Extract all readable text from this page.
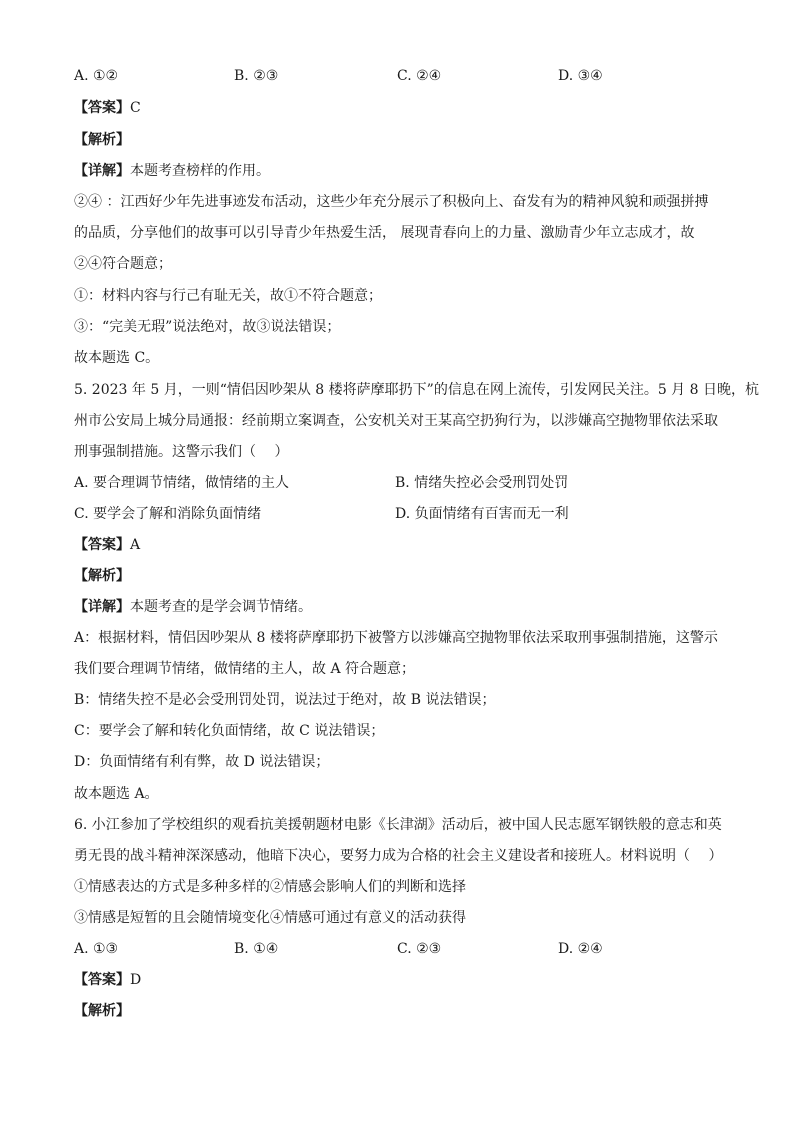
A. ①②	B. ②③	C. ②④	D. ③④
【答案】C
【解析】
【详解】本题考查榜样的作用。
②④ ：江西好少年先进事迹发布活动，这些少年充分展示了积极向上、奋发有为的精神风貌和顽强拼搏
的品质，分享他们的故事可以引导青少年热爱生活， 展现青春向上的力量、激励青少年立志成才，故
②④符合题意；
①：材料内容与行己有耻无关，故①不符合题意；
③：“完美无瑕”说法绝对，故③说法错误；
故本题选 C。
5. 2023 年 5 月，一则“情侣因吵架从 8 楼将萨摩耶扔下”的信息在网上流传，引发网民关注。5 月 8 日晚，杭
州市公安局上城分局通报：经前期立案调查，公安机关对王某高空扔狗行为，以涉嫌高空抛物罪依法采取
刑事强制措施。这警示我们（　 ）
A. 要合理调节情绪，做情绪的主人	B. 情绪失控必会受刑罚处罚
C. 要学会了解和消除负面情绪	D. 负面情绪有百害而无一利
【答案】A
【解析】
【详解】本题考查的是学会调节情绪。
A：根据材料，情侣因吵架从 8 楼将萨摩耶扔下被警方以涉嫌高空抛物罪依法采取刑事强制措施，这警示
我们要合理调节情绪，做情绪的主人，故 A 符合题意；
B：情绪失控不是必会受刑罚处罚，说法过于绝对，故 B 说法错误；
C：要学会了解和转化负面情绪，故 C 说法错误；
D：负面情绪有利有弊，故 D 说法错误；
故本题选 A。
6. 小江参加了学校组织的观看抗美援朝题材电影《长津湖》活动后，被中国人民志愿军钢铁般的意志和英
勇无畏的战斗精神深深感动，他暗下决心，要努力成为合格的社会主义建设者和接班人。材料说明（　 ）
①情感表达的方式是多种多样的②情感会影响人们的判断和选择
③情感是短暂的且会随情境变化④情感可通过有意义的活动获得
A. ①③	B. ①④	C. ②③	D. ②④
【答案】D
【解析】
